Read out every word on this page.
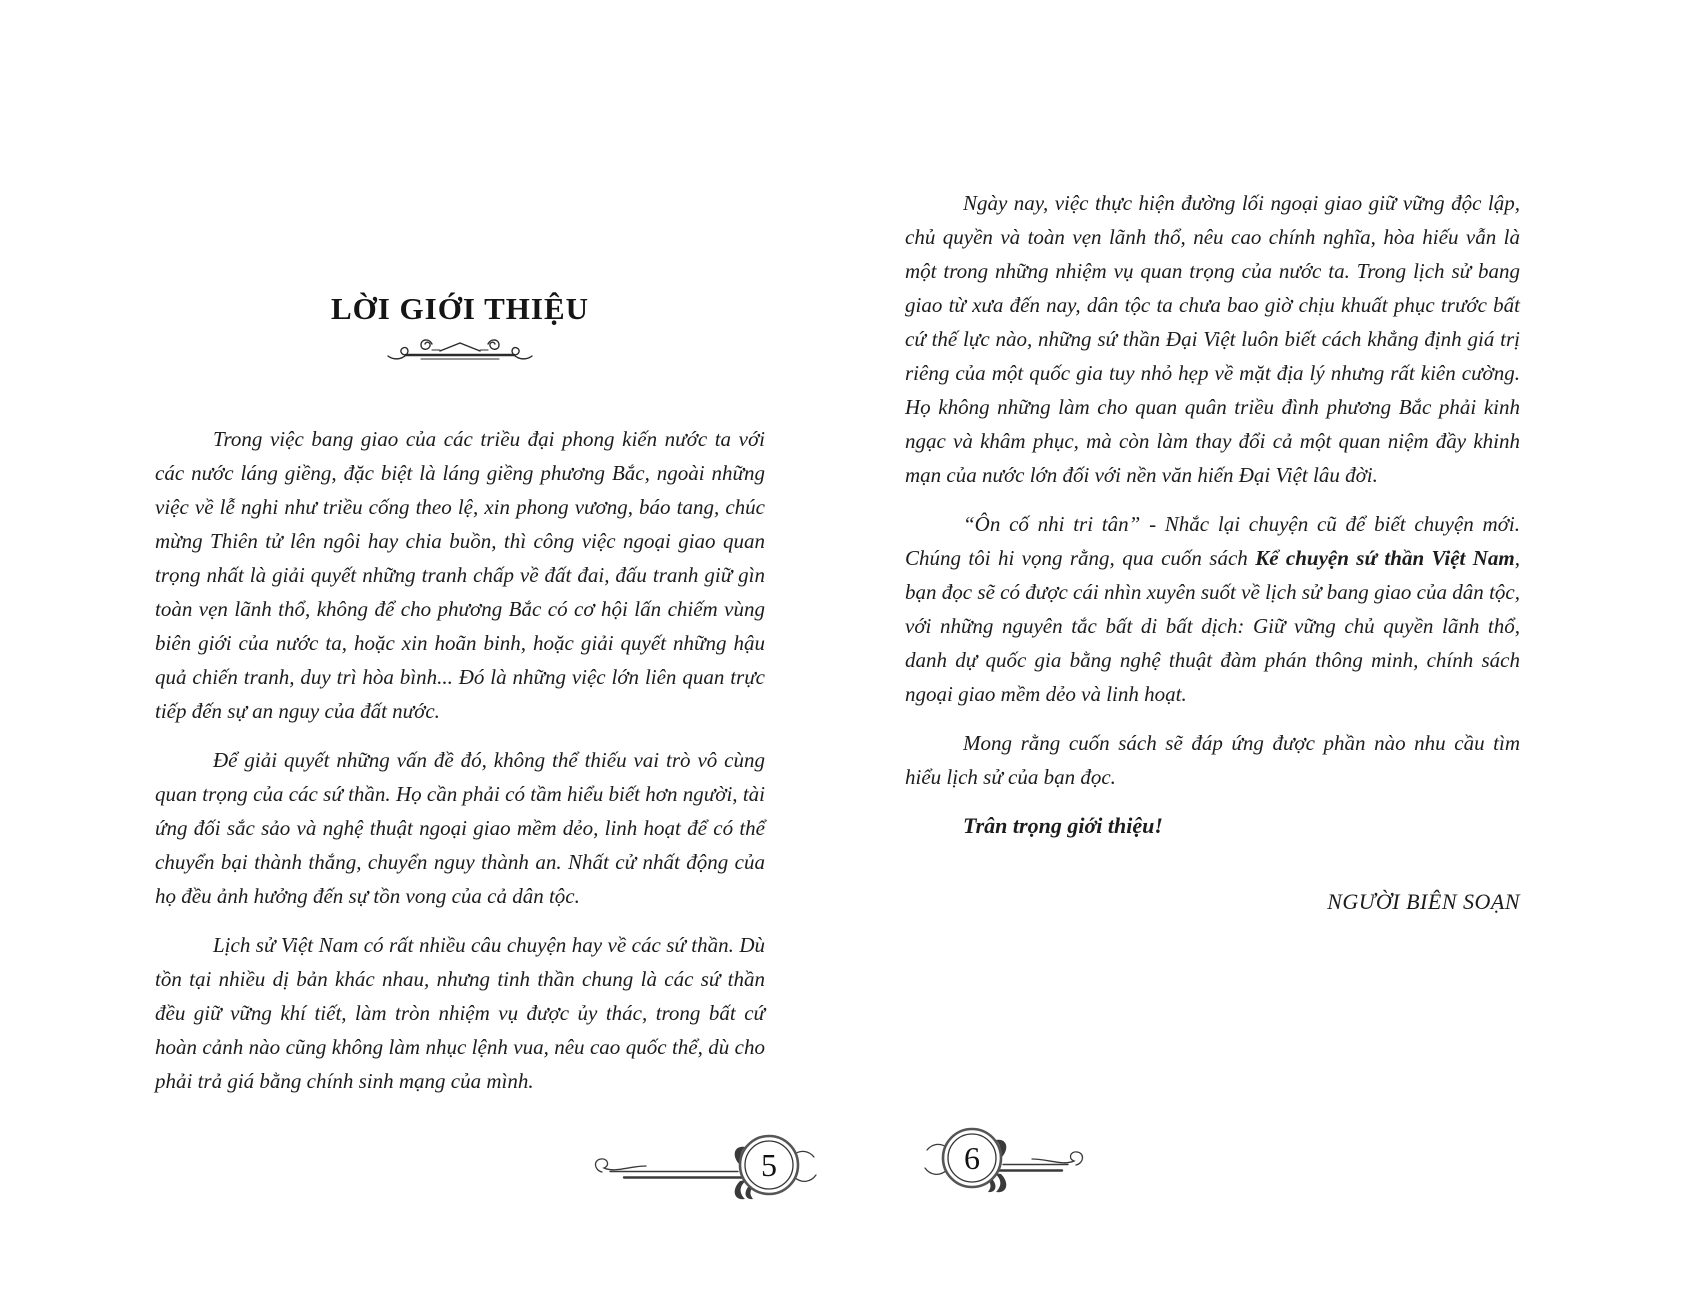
LỜI GIỚI THIỆU

Trong việc bang giao của các triều đại phong kiến nước ta với các nước láng giềng, đặc biệt là láng giềng phương Bắc, ngoài những việc về lễ nghi như triều cống theo lệ, xin phong vương, báo tang, chúc mừng Thiên tử lên ngôi hay chia buồn, thì công việc ngoại giao quan trọng nhất là giải quyết những tranh chấp về đất đai, đấu tranh giữ gìn toàn vẹn lãnh thổ, không để cho phương Bắc có cơ hội lấn chiếm vùng biên giới của nước ta, hoặc xin hoãn binh, hoặc giải quyết những hậu quả chiến tranh, duy trì hòa bình... Đó là những việc lớn liên quan trực tiếp đến sự an nguy của đất nước.

Để giải quyết những vấn đề đó, không thể thiếu vai trò vô cùng quan trọng của các sứ thần. Họ cần phải có tầm hiểu biết hơn người, tài ứng đối sắc sảo và nghệ thuật ngoại giao mềm dẻo, linh hoạt để có thể chuyển bại thành thắng, chuyển nguy thành an. Nhất cử nhất động của họ đều ảnh hưởng đến sự tồn vong của cả dân tộc.

Lịch sử Việt Nam có rất nhiều câu chuyện hay về các sứ thần. Dù tồn tại nhiều dị bản khác nhau, nhưng tinh thần chung là các sứ thần đều giữ vững khí tiết, làm tròn nhiệm vụ được ủy thác, trong bất cứ hoàn cảnh nào cũng không làm nhục lệnh vua, nêu cao quốc thể, dù cho phải trả giá bằng chính sinh mạng của mình.

Ngày nay, việc thực hiện đường lối ngoại giao giữ vững độc lập, chủ quyền và toàn vẹn lãnh thổ, nêu cao chính nghĩa, hòa hiếu vẫn là một trong những nhiệm vụ quan trọng của nước ta. Trong lịch sử bang giao từ xưa đến nay, dân tộc ta chưa bao giờ chịu khuất phục trước bất cứ thế lực nào, những sứ thần Đại Việt luôn biết cách khẳng định giá trị riêng của một quốc gia tuy nhỏ hẹp về mặt địa lý nhưng rất kiên cường. Họ không những làm cho quan quân triều đình phương Bắc phải kinh ngạc và khâm phục, mà còn làm thay đổi cả một quan niệm đầy khinh mạn của nước lớn đối với nền văn hiến Đại Việt lâu đời.

“Ôn cố nhi tri tân” - Nhắc lại chuyện cũ để biết chuyện mới. Chúng tôi hi vọng rằng, qua cuốn sách Kể chuyện sứ thần Việt Nam, bạn đọc sẽ có được cái nhìn xuyên suốt về lịch sử bang giao của dân tộc, với những nguyên tắc bất di bất dịch: Giữ vững chủ quyền lãnh thổ, danh dự quốc gia bằng nghệ thuật đàm phán thông minh, chính sách ngoại giao mềm dẻo và linh hoạt.

Mong rằng cuốn sách sẽ đáp ứng được phần nào nhu cầu tìm hiểu lịch sử của bạn đọc.

Trân trọng giới thiệu!

NGƯỜI BIÊN SOẠN

5	6
